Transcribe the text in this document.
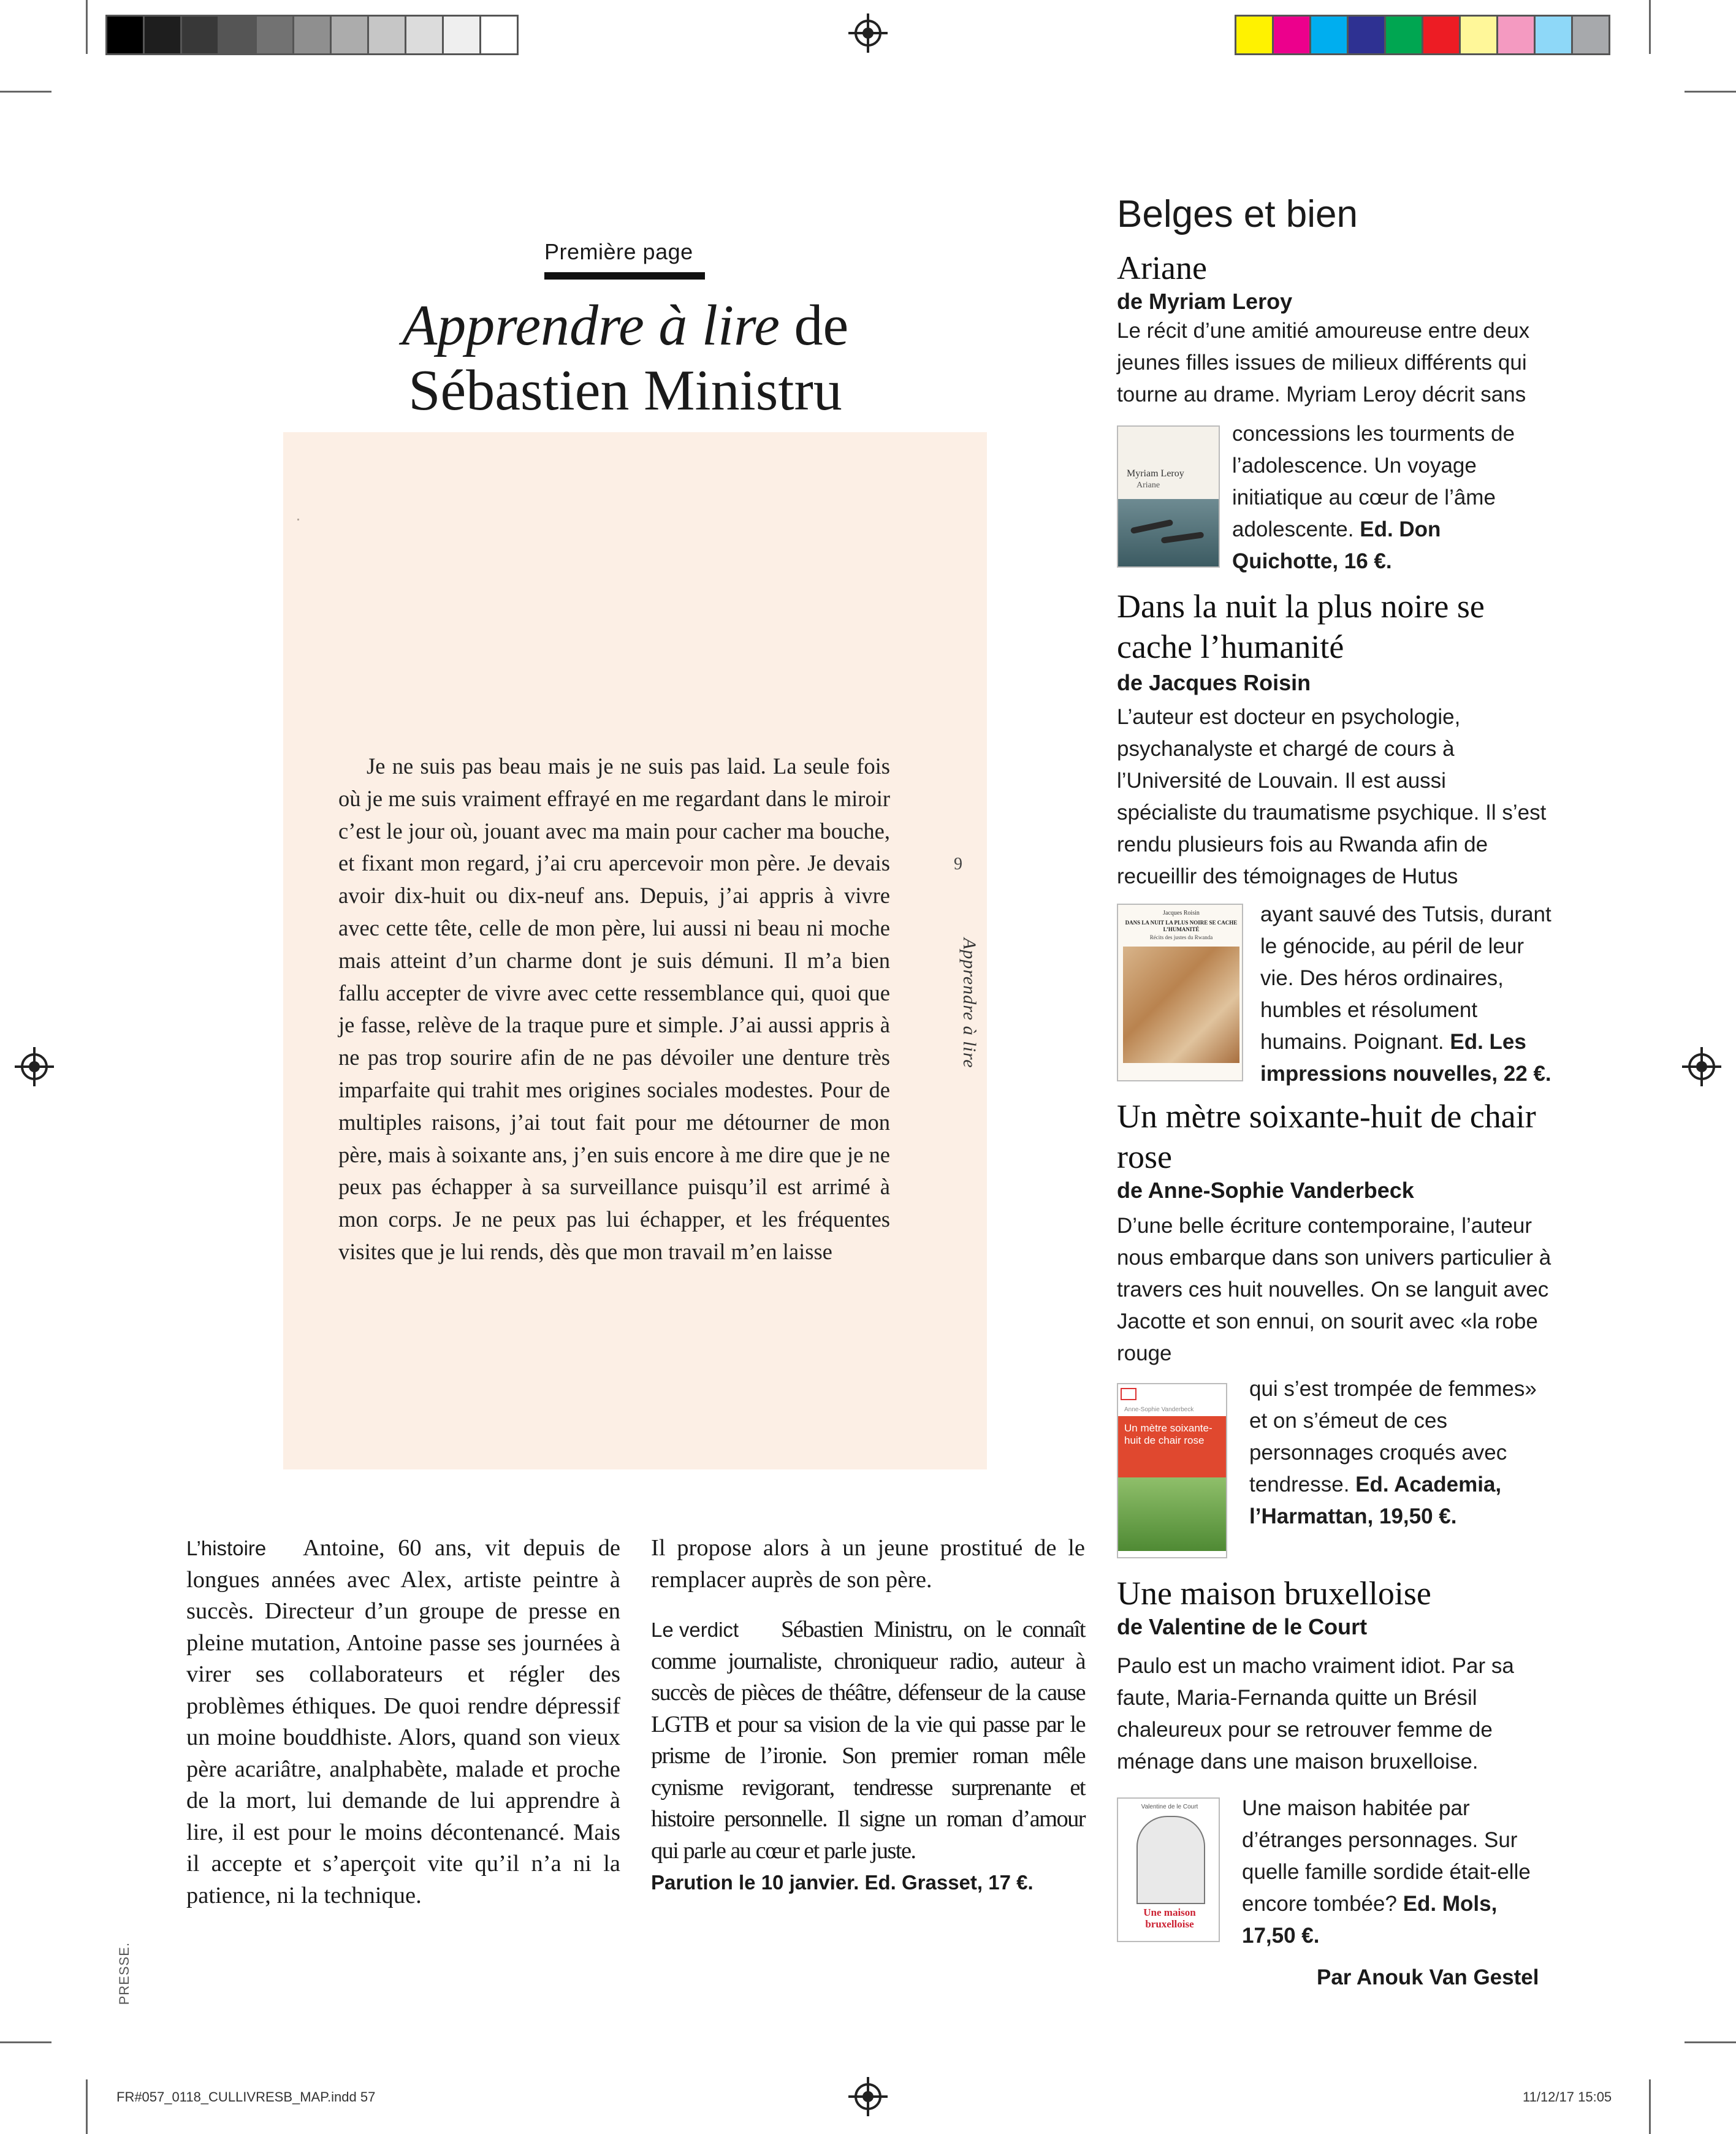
Première page
Apprendre à lire de
Sébastien Ministru
Je ne suis pas beau mais je ne suis pas laid. La seule fois où je me suis vraiment effrayé en me regardant dans le miroir c’est le jour où, jouant avec ma main pour cacher ma bouche, et fixant mon regard, j’ai cru apercevoir mon père. Je devais avoir dix-huit ou dix-neuf ans. Depuis, j’ai appris à vivre avec cette tête, celle de mon père, lui aussi ni beau ni moche mais atteint d’un charme dont je suis démuni. Il m’a bien fallu accepter de vivre avec cette ressemblance qui, quoi que je fasse, relève de la traque pure et simple. J’ai aussi appris à ne pas trop sourire afin de ne pas dévoiler une denture très imparfaite qui trahit mes origines sociales modestes. Pour de multiples raisons, j’ai tout fait pour me détourner de mon père, mais à soixante ans, j’en suis encore à me dire que je ne peux pas échapper à sa surveillance puisqu’il est arrimé à mon corps. Je ne peux pas lui échapper, et les fréquentes visites que je lui rends, dès que mon travail m’en laisse
9
Apprendre à lire
L’histoire	Antoine, 60 ans, vit depuis de longues années avec Alex, artiste peintre à succès. Directeur d’un groupe de presse en pleine mutation, Antoine passe ses journées à virer ses collaborateurs et régler des problèmes éthiques. De quoi rendre dépressif un moine bouddhiste. Alors, quand son vieux père acariâtre, analphabète, malade et proche de la mort, lui demande de lui apprendre à lire, il est pour le moins décontenancé. Mais il accepte et s’aperçoit vite qu’il n’a ni la patience, ni la technique.
Il propose alors à un jeune prostitué de le remplacer auprès de son père.
Le verdict	Sébastien Ministru, on le connaît comme journaliste, chroniqueur radio, auteur à succès de pièces de théâtre, défenseur de la cause LGTB et pour sa vision de la vie qui passe par le prisme de l’ironie. Son premier roman mêle cynisme revigorant, tendresse surprenante et histoire personnelle. Il signe un roman d’amour qui parle au cœur et parle juste.
Parution le 10 janvier. Ed. Grasset, 17 €.
PRESSE.
Belges et bien
Ariane
de Myriam Leroy
Le récit d’une amitié amoureuse entre deux jeunes filles issues de milieux différents qui tourne au drame. Myriam Leroy décrit sans
Myriam Leroy
Ariane
concessions les tourments de l’adolescence. Un voyage initiatique au cœur de l’âme adolescente. Ed. Don Quichotte, 16 €.
Dans la nuit la plus noire se cache l’humanité
de Jacques Roisin
L’auteur est docteur en psychologie, psychanalyste et chargé de cours à l’Université de Louvain. Il est aussi spécialiste du traumatisme psychique. Il s’est rendu plusieurs fois au Rwanda afin de recueillir des témoignages de Hutus
Jacques Roisin
DANS LA NUIT LA PLUS NOIRE SE CACHE L’HUMANITÉ
Récits des justes du Rwanda
ayant sauvé des Tutsis, durant le génocide, au péril de leur vie. Des héros ordinaires, humbles et résolument humains. Poignant. Ed. Les impressions nouvelles, 22 €.
Un mètre soixante-huit de chair rose
de Anne-Sophie Vanderbeck
D’une belle écriture contemporaine, l’auteur nous embarque dans son univers particulier à travers ces huit nouvelles. On se languit avec Jacotte et son ennui, on sourit avec «la robe rouge
Anne-Sophie Vanderbeck
Un mètre soixante-huit de chair rose
qui s’est trompée de femmes» et on s’émeut de ces personnages croqués avec tendresse. Ed. Academia, l’Harmattan, 19,50 €.
Une maison bruxelloise
de Valentine de le Court
Paulo est un macho vraiment idiot. Par sa faute, Maria-Fernanda quitte un Brésil chaleureux pour se retrouver femme de ménage dans une maison bruxelloise.
Valentine de le Court
Une maison bruxelloise
Une maison habitée par d’étranges personnages. Sur quelle famille sordide était-elle encore tombée? Ed. Mols, 17,50 €.
Par Anouk Van Gestel
FR#057_0118_CULLIVRESB_MAP.indd 57	11/12/17 15:05
